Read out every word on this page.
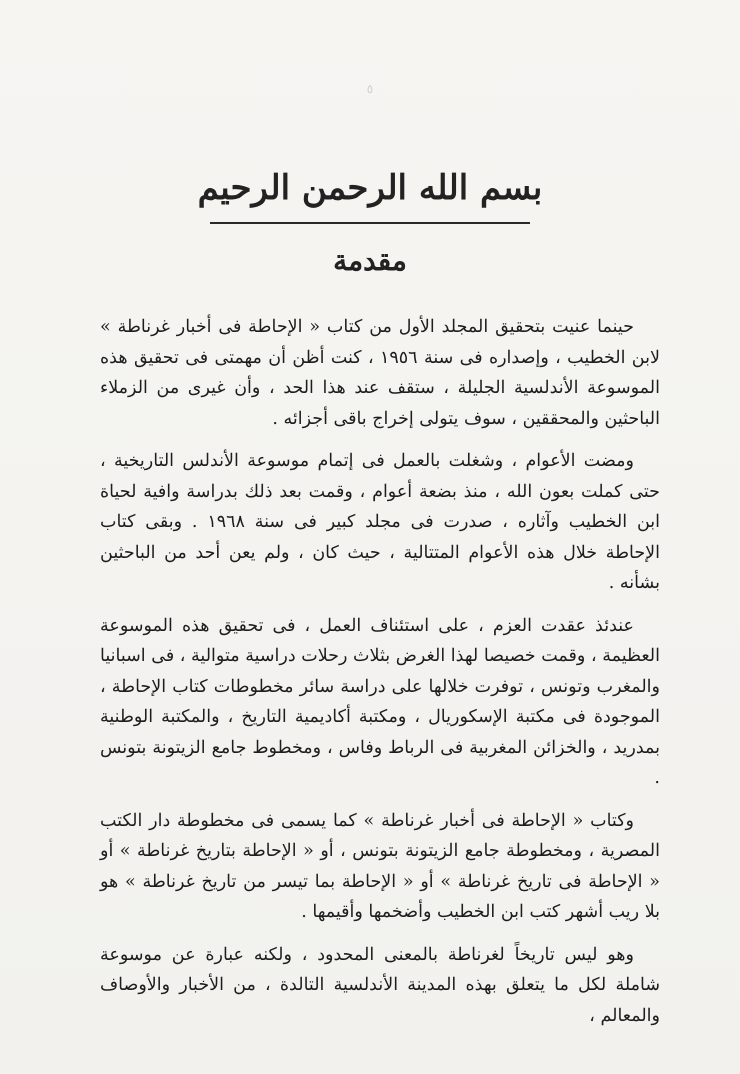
٥
بسم الله الرحمن الرحيم
مقدمة

حينما عنيت بتحقيق المجلد الأول من كتاب « الإحاطة فى أخبار غرناطة » لابن الخطيب ، وإصداره فى سنة ١٩٥٦ ، كنت أظن أن مهمتى فى تحقيق هذه الموسوعة الأندلسية الجليلة ، ستقف عند هذا الحد ، وأن غيرى من الزملاء الباحثين والمحققين ، سوف يتولى إخراج باقى أجزائه .

ومضت الأعوام ، وشغلت بالعمل فى إتمام موسوعة الأندلس التاريخية ، حتى كملت بعون الله ، منذ بضعة أعوام ، وقمت بعد ذلك بدراسة وافية لحياة ابن الخطيب وآثاره ، صدرت فى مجلد كبير فى سنة ١٩٦٨ . وبقى كتاب الإحاطة خلال هذه الأعوام المتتالية ، حيث كان ، ولم يعن أحد من الباحثين بشأنه .

عندئذ عقدت العزم ، على استئناف العمل ، فى تحقيق هذه الموسوعة العظيمة ، وقمت خصيصا لهذا الغرض بثلاث رحلات دراسية متوالية ، فى اسبانيا والمغرب وتونس ، توفرت خلالها على دراسة سائر مخطوطات كتاب الإحاطة ، الموجودة فى مكتبة الإسكوريال ، ومكتبة أكاديمية التاريخ ، والمكتبة الوطنية بمدريد ، والخزائن المغربية فى الرباط وفاس ، ومخطوط جامع الزيتونة بتونس .

وكتاب « الإحاطة فى أخبار غرناطة » كما يسمى فى مخطوطة دار الكتب المصرية ، ومخطوطة جامع الزيتونة بتونس ، أو « الإحاطة بتاريخ غرناطة » أو « الإحاطة فى تاريخ غرناطة » أو « الإحاطة بما تيسر من تاريخ غرناطة » هو بلا ريب أشهر كتب ابن الخطيب وأضخمها وأقيمها .

وهو ليس تاريخاً لغرناطة بالمعنى المحدود ، ولكنه عبارة عن موسوعة شاملة لكل ما يتعلق بهذه المدينة الأندلسية التالدة ، من الأخبار والأوصاف والمعالم ،
